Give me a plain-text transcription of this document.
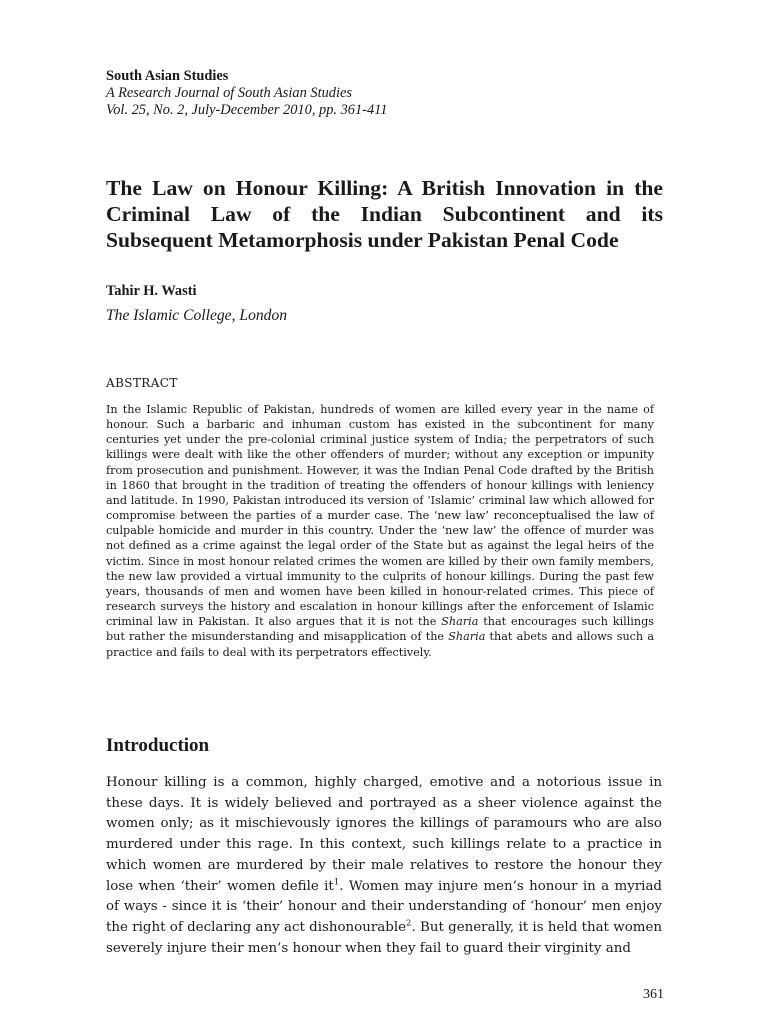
South Asian Studies
A Research Journal of South Asian Studies
Vol. 25, No. 2, July-December 2010, pp. 361-411
The Law on Honour Killing: A British Innovation in the Criminal Law of the Indian Subcontinent and its Subsequent Metamorphosis under Pakistan Penal Code
Tahir H. Wasti
The Islamic College, London
ABSTRACT

In the Islamic Republic of Pakistan, hundreds of women are killed every year in the name of honour. Such a barbaric and inhuman custom has existed in the subcontinent for many centuries yet under the pre-colonial criminal justice system of India; the perpetrators of such killings were dealt with like the other offenders of murder; without any exception or impunity from prosecution and punishment. However, it was the Indian Penal Code drafted by the British in 1860 that brought in the tradition of treating the offenders of honour killings with leniency and latitude. In 1990, Pakistan introduced its version of ‘Islamic’ criminal law which allowed for compromise between the parties of a murder case. The ‘new law’ reconceptualised the law of culpable homicide and murder in this country. Under the ‘new law’ the offence of murder was not defined as a crime against the legal order of the State but as against the legal heirs of the victim. Since in most honour related crimes the women are killed by their own family members, the new law provided a virtual immunity to the culprits of honour killings. During the past few years, thousands of men and women have been killed in honour-related crimes. This piece of research surveys the history and escalation in honour killings after the enforcement of Islamic criminal law in Pakistan. It also argues that it is not the Sharia that encourages such killings but rather the misunderstanding and misapplication of the Sharia that abets and allows such a practice and fails to deal with its perpetrators effectively.

Introduction

Honour killing is a common, highly charged, emotive and a notorious issue in these days. It is widely believed and portrayed as a sheer violence against the women only; as it mischievously ignores the killings of paramours who are also murdered under this rage. In this context, such killings relate to a practice in which women are murdered by their male relatives to restore the honour they lose when ‘their’ women defile $it^1$. Women may injure men’s honour in a myriad of ways - since it is ‘their’ honour and their understanding of ‘honour’ men enjoy the right of declaring any act dishonourable$^2$. But generally, it is held that women severely injure their men’s honour when they fail to guard their virginity and

361
